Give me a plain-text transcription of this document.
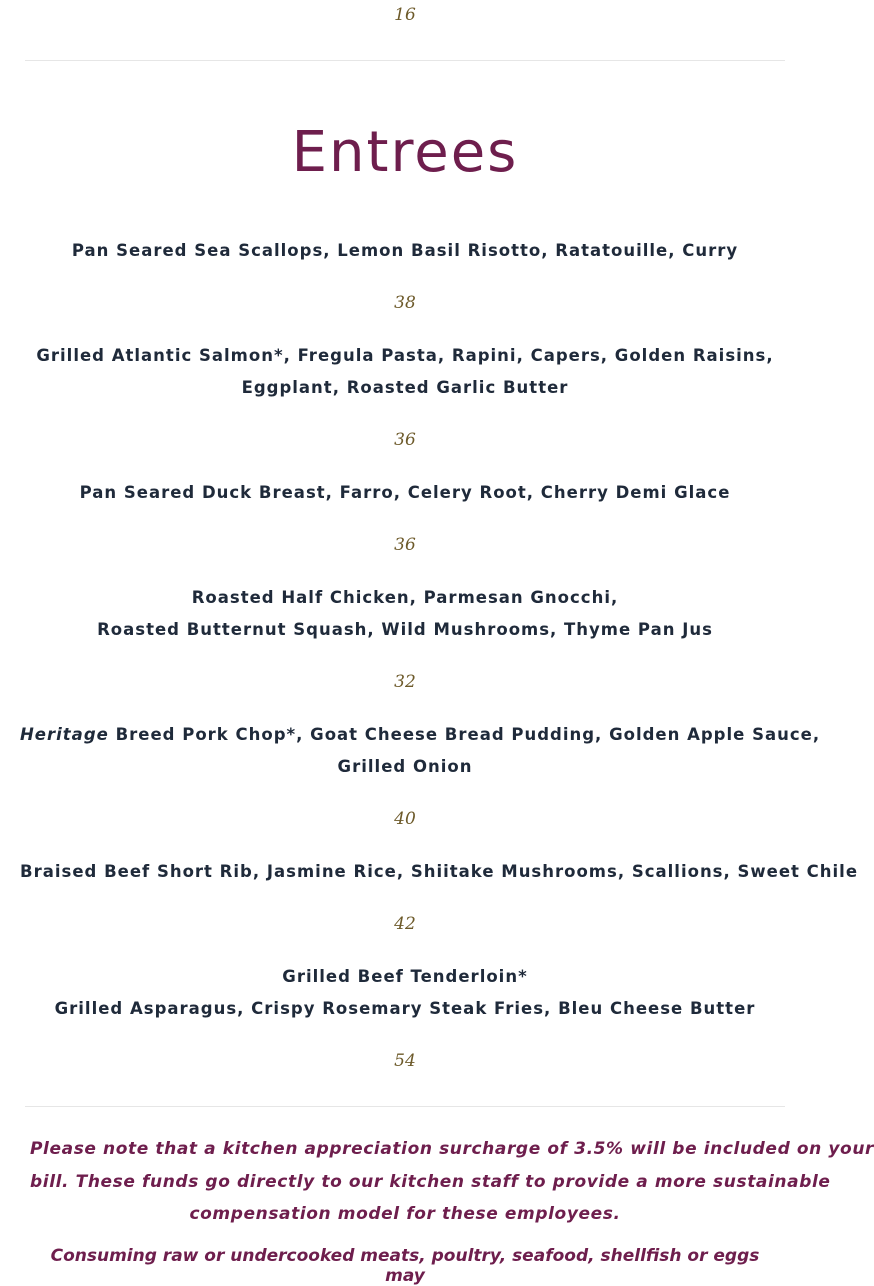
16
Entrees
Pan Seared Sea Scallops, Lemon Basil Risotto, Ratatouille, Curry
38
Grilled Atlantic Salmon*, Fregula Pasta, Rapini, Capers, Golden Raisins,
Eggplant, Roasted Garlic Butter
36
Pan Seared Duck Breast, Farro, Celery Root, Cherry Demi Glace
36
Roasted Half Chicken, Parmesan Gnocchi,
Roasted Butternut Squash, Wild Mushrooms, Thyme Pan Jus
32
Heritage Breed Pork Chop*, Goat Cheese Bread Pudding, Golden Apple Sauce,
Grilled Onion
40
Braised Beef Short Rib, Jasmine Rice, Shiitake Mushrooms, Scallions, Sweet Chile
42
Grilled Beef Tenderloin*
Grilled Asparagus, Crispy Rosemary Steak Fries, Bleu Cheese Butter
54
Please note that a kitchen appreciation surcharge of 3.5% will be included on your
bill. These funds go directly to our kitchen staff to provide a more sustainable
compensation model for these employees.
Consuming raw or undercooked meats, poultry, seafood, shellfish or eggs may
